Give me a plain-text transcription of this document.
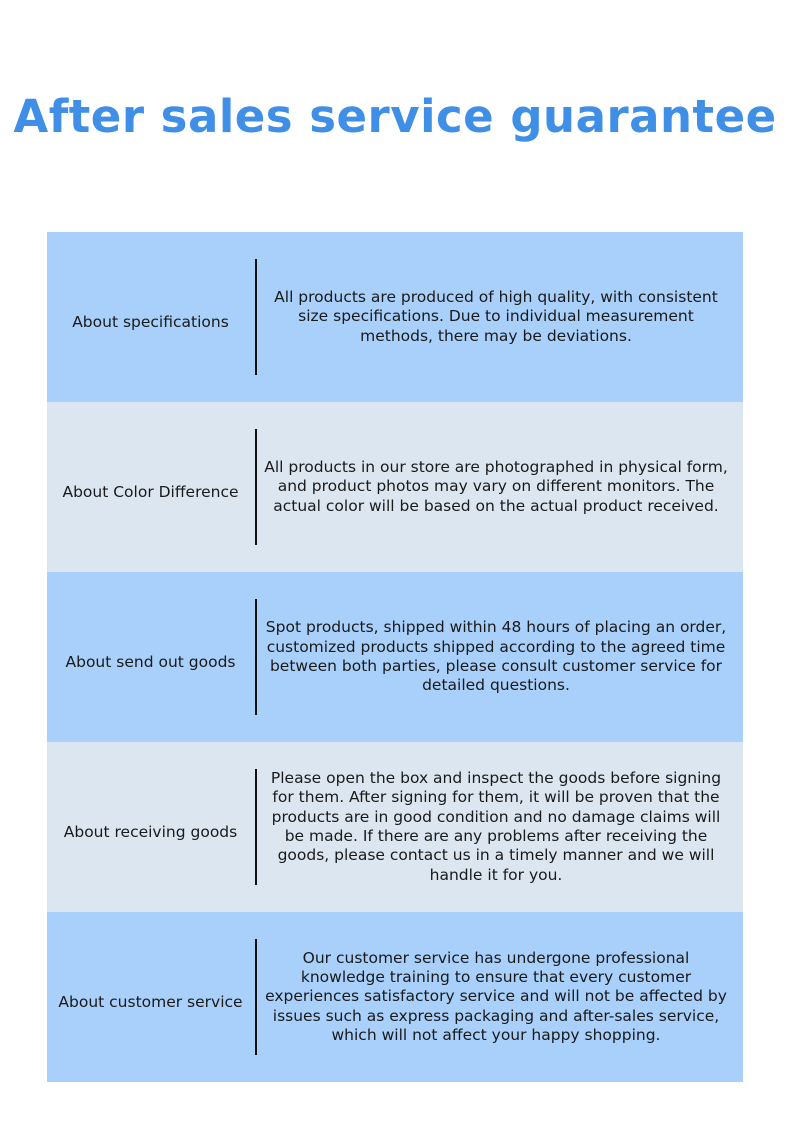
After sales service guarantee
About specifications
All products are produced of high quality, with consistent size specifications. Due to individual measurement methods, there may be deviations.
About Color Difference
All products in our store are photographed in physical form, and product photos may vary on different monitors. The actual color will be based on the actual product received.
About send out goods
Spot products, shipped within 48 hours of placing an order, customized products shipped according to the agreed time between both parties, please consult customer service for detailed questions.
About receiving goods
Please open the box and inspect the goods before signing for them. After signing for them, it will be proven that the products are in good condition and no damage claims will be made. If there are any problems after receiving the goods, please contact us in a timely manner and we will handle it for you.
About customer service
Our customer service has undergone professional knowledge training to ensure that every customer experiences satisfactory service and will not be affected by issues such as express packaging and after-sales service, which will not affect your happy shopping.
